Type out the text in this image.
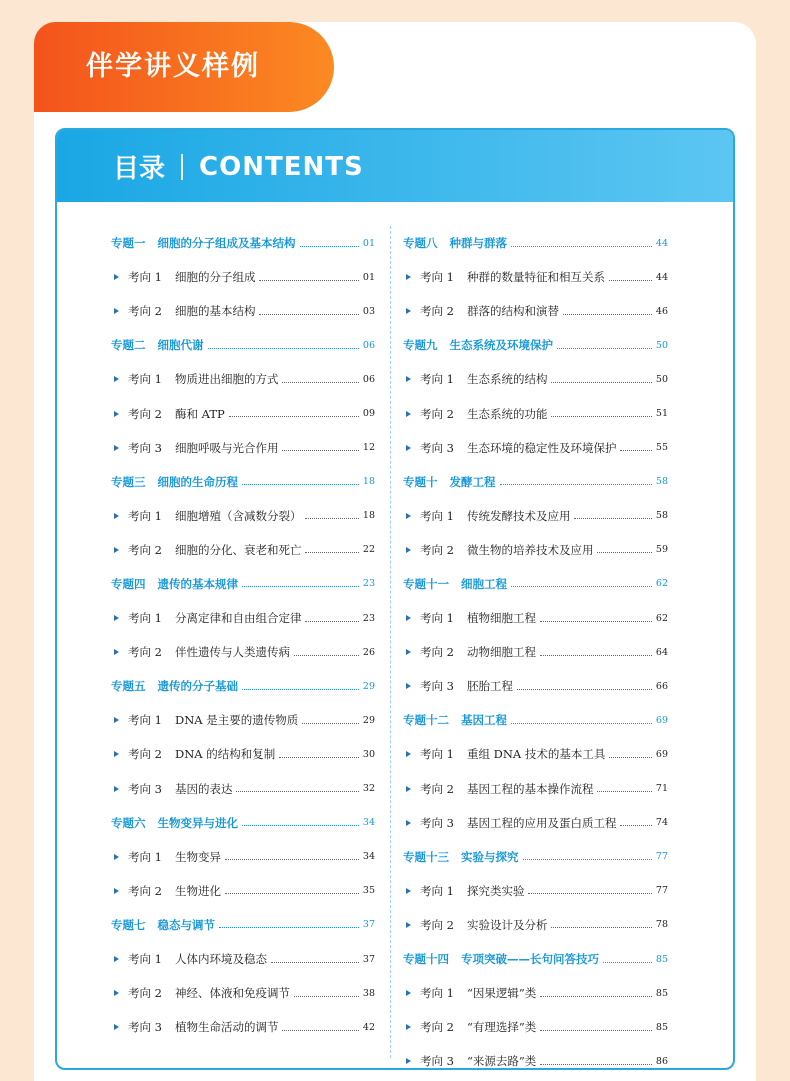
伴学讲义样例
目录 CONTENTS
专题一 细胞的分子组成及基本结构	01
考向 1 细胞的分子组成	01
考向 2 细胞的基本结构	03
专题二 细胞代谢	06
考向 1 物质进出细胞的方式	06
考向 2 酶和 ATP	09
考向 3 细胞呼吸与光合作用	12
专题三 细胞的生命历程	18
考向 1 细胞增殖（含减数分裂）	18
考向 2 细胞的分化、衰老和死亡	22
专题四 遗传的基本规律	23
考向 1 分离定律和自由组合定律	23
考向 2 伴性遗传与人类遗传病	26
专题五 遗传的分子基础	29
考向 1 DNA 是主要的遗传物质	29
考向 2 DNA 的结构和复制	30
考向 3 基因的表达	32
专题六 生物变异与进化	34
考向 1 生物变异	34
考向 2 生物进化	35
专题七 稳态与调节	37
考向 1 人体内环境及稳态	37
考向 2 神经、体液和免疫调节	38
考向 3 植物生命活动的调节	42
专题八 种群与群落	44
考向 1 种群的数量特征和相互关系	44
考向 2 群落的结构和演替	46
专题九 生态系统及环境保护	50
考向 1 生态系统的结构	50
考向 2 生态系统的功能	51
考向 3 生态环境的稳定性及环境保护	55
专题十 发酵工程	58
考向 1 传统发酵技术及应用	58
考向 2 微生物的培养技术及应用	59
专题十一 细胞工程	62
考向 1 植物细胞工程	62
考向 2 动物细胞工程	64
考向 3 胚胎工程	66
专题十二 基因工程	69
考向 1 重组 DNA 技术的基本工具	69
考向 2 基因工程的基本操作流程	71
考向 3 基因工程的应用及蛋白质工程	74
专题十三 实验与探究	77
考向 1 探究类实验	77
考向 2 实验设计及分析	78
专题十四 专项突破——长句问答技巧	85
考向 1 “因果逻辑”类	85
考向 2 “有理选择”类	85
考向 3 “来源去路”类	86
